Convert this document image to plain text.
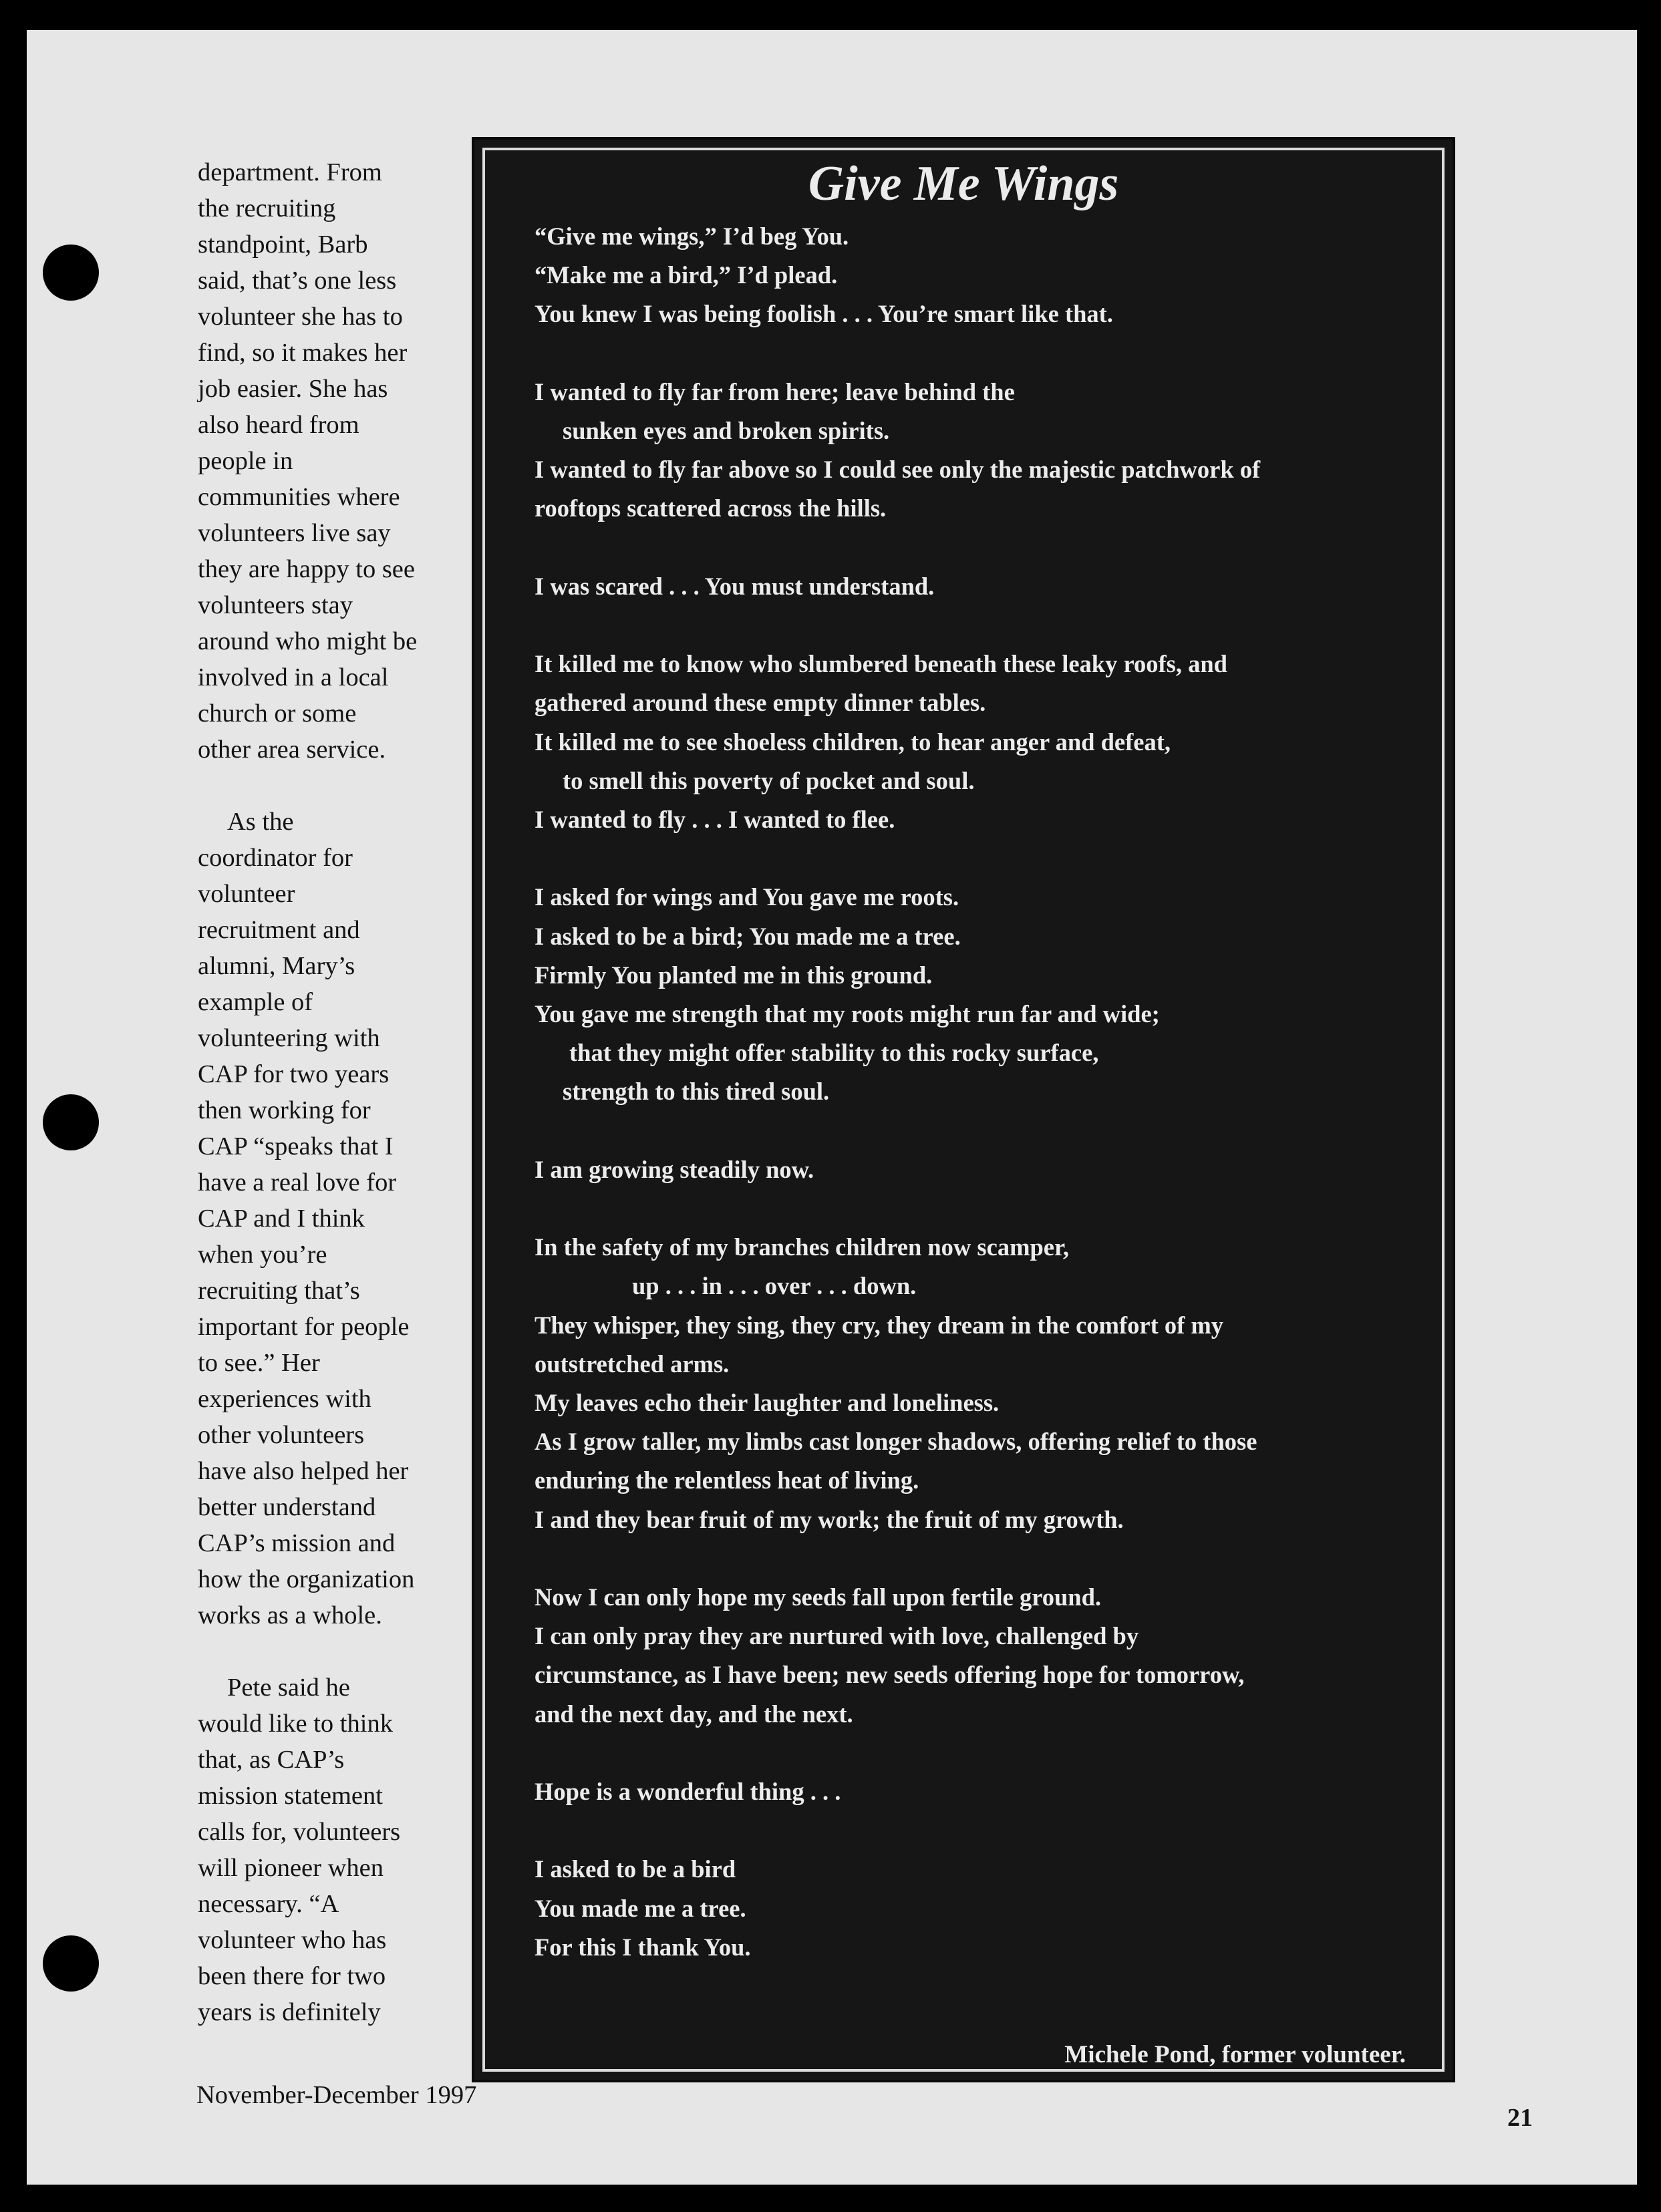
department. From
the recruiting
standpoint, Barb
said, that’s one less
volunteer she has to
find, so it makes her
job easier. She has
also heard from
people in
communities where
volunteers live say
they are happy to see
volunteers stay
around who might be
involved in a local
church or some
other area service.

As the
coordinator for
volunteer
recruitment and
alumni, Mary’s
example of
volunteering with
CAP for two years
then working for
CAP “speaks that I
have a real love for
CAP and I think
when you’re
recruiting that’s
important for people
to see.” Her
experiences with
other volunteers
have also helped her
better understand
CAP’s mission and
how the organization
works as a whole.

Pete said he
would like to think
that, as CAP’s
mission statement
calls for, volunteers
will pioneer when
necessary. “A
volunteer who has
been there for two
years is definitely

Give Me Wings
“Give me wings,” I’d beg You.
“Make me a bird,” I’d plead.
You knew I was being foolish . . . You’re smart like that.
I wanted to fly far from here; leave behind the
sunken eyes and broken spirits.
I wanted to fly far above so I could see only the majestic patchwork of
rooftops scattered across the hills.
I was scared . . . You must understand.
It killed me to know who slumbered beneath these leaky roofs, and
gathered around these empty dinner tables.
It killed me to see shoeless children, to hear anger and defeat,
to smell this poverty of pocket and soul.
I wanted to fly . . . I wanted to flee.
I asked for wings and You gave me roots.
I asked to be a bird; You made me a tree.
Firmly You planted me in this ground.
You gave me strength that my roots might run far and wide;
that they might offer stability to this rocky surface,
strength to this tired soul.
I am growing steadily now.
In the safety of my branches children now scamper,
up . . . in . . . over . . . down.
They whisper, they sing, they cry, they dream in the comfort of my
outstretched arms.
My leaves echo their laughter and loneliness.
As I grow taller, my limbs cast longer shadows, offering relief to those
enduring the relentless heat of living.
I and they bear fruit of my work; the fruit of my growth.
Now I can only hope my seeds fall upon fertile ground.
I can only pray they are nurtured with love, challenged by
circumstance, as I have been; new seeds offering hope for tomorrow,
and the next day, and the next.
Hope is a wonderful thing . . .
I asked to be a bird
You made me a tree.
For this I thank You.

Michele Pond, former volunteer.

November-December 1997

21
